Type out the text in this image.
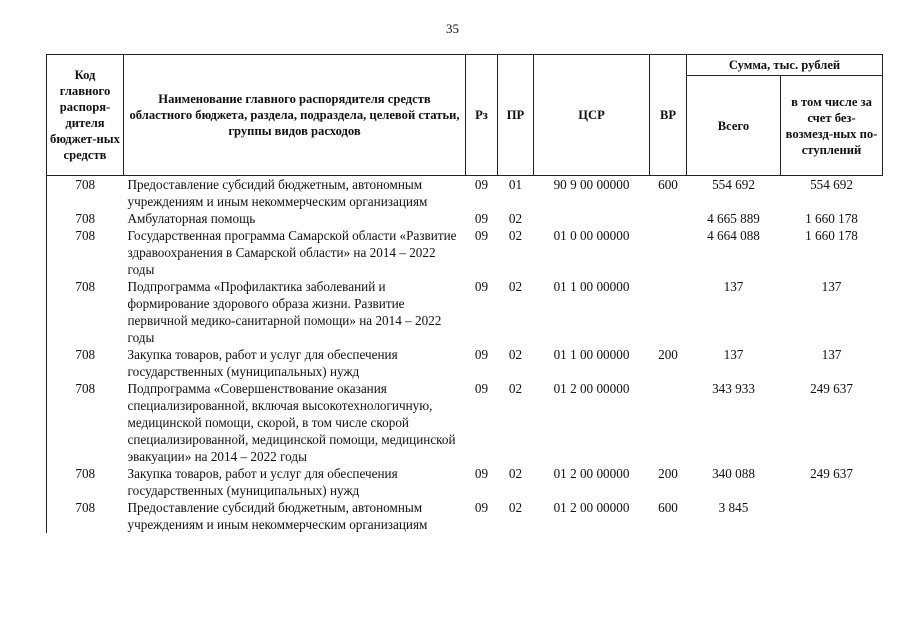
35
Код главного распоря-дителя бюджет-ных средств	Наименование главного распорядителя средств областного бюджета, раздела, подраздела, целевой статьи, группы видов расходов	Рз	ПР	ЦСР	ВР	Сумма, тыс. рублей	
						Всего	в том числе за счет без-возмезд-ных по-ступлений
708	Предоставление субсидий бюджетным, автономным учреждениям и иным некоммерческим организациям	09	01	90 9 00 00000	600	554 692	554 692
708	Амбулаторная помощь	09	02			4 665 889	1 660 178
708	Государственная программа Самарской области «Развитие здравоохранения в Самарской области» на 2014 – 2022 годы	09	02	01 0 00 00000		4 664 088	1 660 178
708	Подпрограмма «Профилактика заболеваний и формирование здорового образа жизни. Развитие первичной медико-санитарной помощи» на 2014 – 2022 годы	09	02	01 1 00 00000		137	137
708	Закупка товаров, работ и услуг для обеспечения государственных (муниципальных) нужд	09	02	01 1 00 00000	200	137	137
708	Подпрограмма «Совершенствование оказания специализированной, включая высокотехнологичную, медицинской помощи, скорой, в том числе скорой специализированной, медицинской помощи, медицинской эвакуации» на 2014 – 2022 годы	09	02	01 2 00 00000		343 933	249 637
708	Закупка товаров, работ и услуг для обеспечения государственных (муниципальных) нужд	09	02	01 2 00 00000	200	340 088	249 637
708	Предоставление субсидий бюджетным, автономным учреждениям и иным некоммерческим организациям	09	02	01 2 00 00000	600	3 845	
